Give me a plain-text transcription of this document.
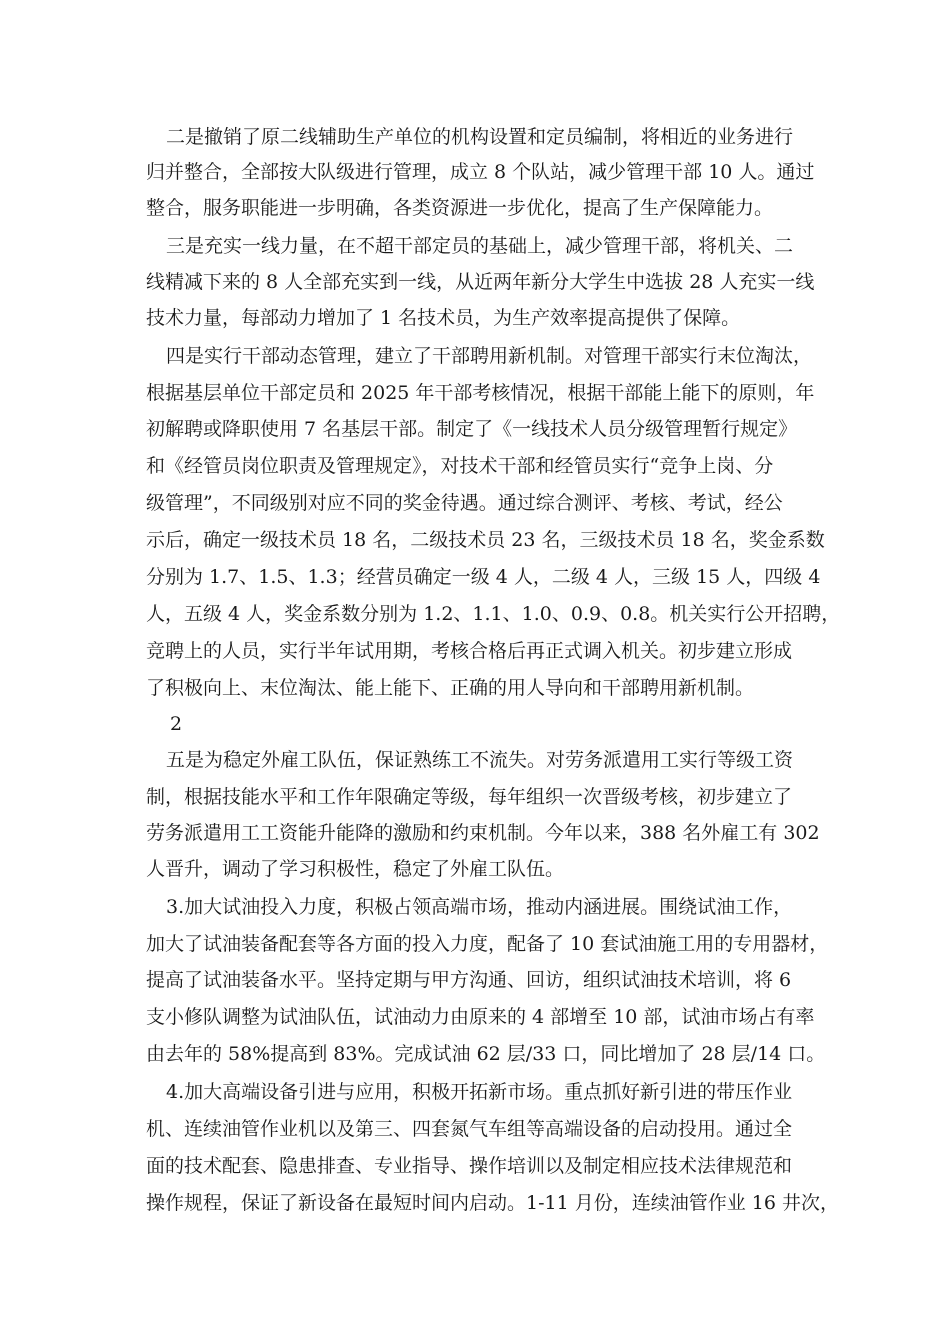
二是撤销了原二线辅助生产单位的机构设置和定员编制，将相近的业务进行
归并整合，全部按大队级进行管理，成立 8 个队站，减少管理干部 10 人。通过
整合，服务职能进一步明确，各类资源进一步优化，提高了生产保障能力。
三是充实一线力量，在不超干部定员的基础上，减少管理干部，将机关、二
线精减下来的 8 人全部充实到一线，从近两年新分大学生中选拔 28 人充实一线
技术力量，每部动力增加了 1 名技术员，为生产效率提高提供了保障。
四是实行干部动态管理，建立了干部聘用新机制。对管理干部实行末位淘汰，
根据基层单位干部定员和 2025 年干部考核情况，根据干部能上能下的原则，年
初解聘或降职使用 7 名基层干部。制定了《一线技术人员分级管理暂行规定》
和《经管员岗位职责及管理规定》，对技术干部和经管员实行“竞争上岗、分
级管理”，不同级别对应不同的奖金待遇。通过综合测评、考核、考试，经公
示后，确定一级技术员 18 名，二级技术员 23 名，三级技术员 18 名，奖金系数
分别为 1.7、1.5、1.3；经营员确定一级 4 人，二级 4 人，三级 15 人，四级 4
人，五级 4 人，奖金系数分别为 1.2、1.1、1.0、0.9、0.8。机关实行公开招聘，
竞聘上的人员，实行半年试用期，考核合格后再正式调入机关。初步建立形成
了积极向上、末位淘汰、能上能下、正确的用人导向和干部聘用新机制。
2
五是为稳定外雇工队伍，保证熟练工不流失。对劳务派遣用工实行等级工资
制，根据技能水平和工作年限确定等级，每年组织一次晋级考核，初步建立了
劳务派遣用工工资能升能降的激励和约束机制。今年以来，388 名外雇工有 302
人晋升，调动了学习积极性，稳定了外雇工队伍。
3.加大试油投入力度，积极占领高端市场，推动内涵进展。围绕试油工作，
加大了试油装备配套等各方面的投入力度，配备了 10 套试油施工用的专用器材，
提高了试油装备水平。坚持定期与甲方沟通、回访，组织试油技术培训，将 6
支小修队调整为试油队伍，试油动力由原来的 4 部增至 10 部，试油市场占有率
由去年的 58%提高到 83%。完成试油 62 层/33 口，同比增加了 28 层/14 口。
4.加大高端设备引进与应用，积极开拓新市场。重点抓好新引进的带压作业
机、连续油管作业机以及第三、四套氮气车组等高端设备的启动投用。通过全
面的技术配套、隐患排查、专业指导、操作培训以及制定相应技术法律规范和
操作规程，保证了新设备在最短时间内启动。1-11 月份，连续油管作业 16 井次，
